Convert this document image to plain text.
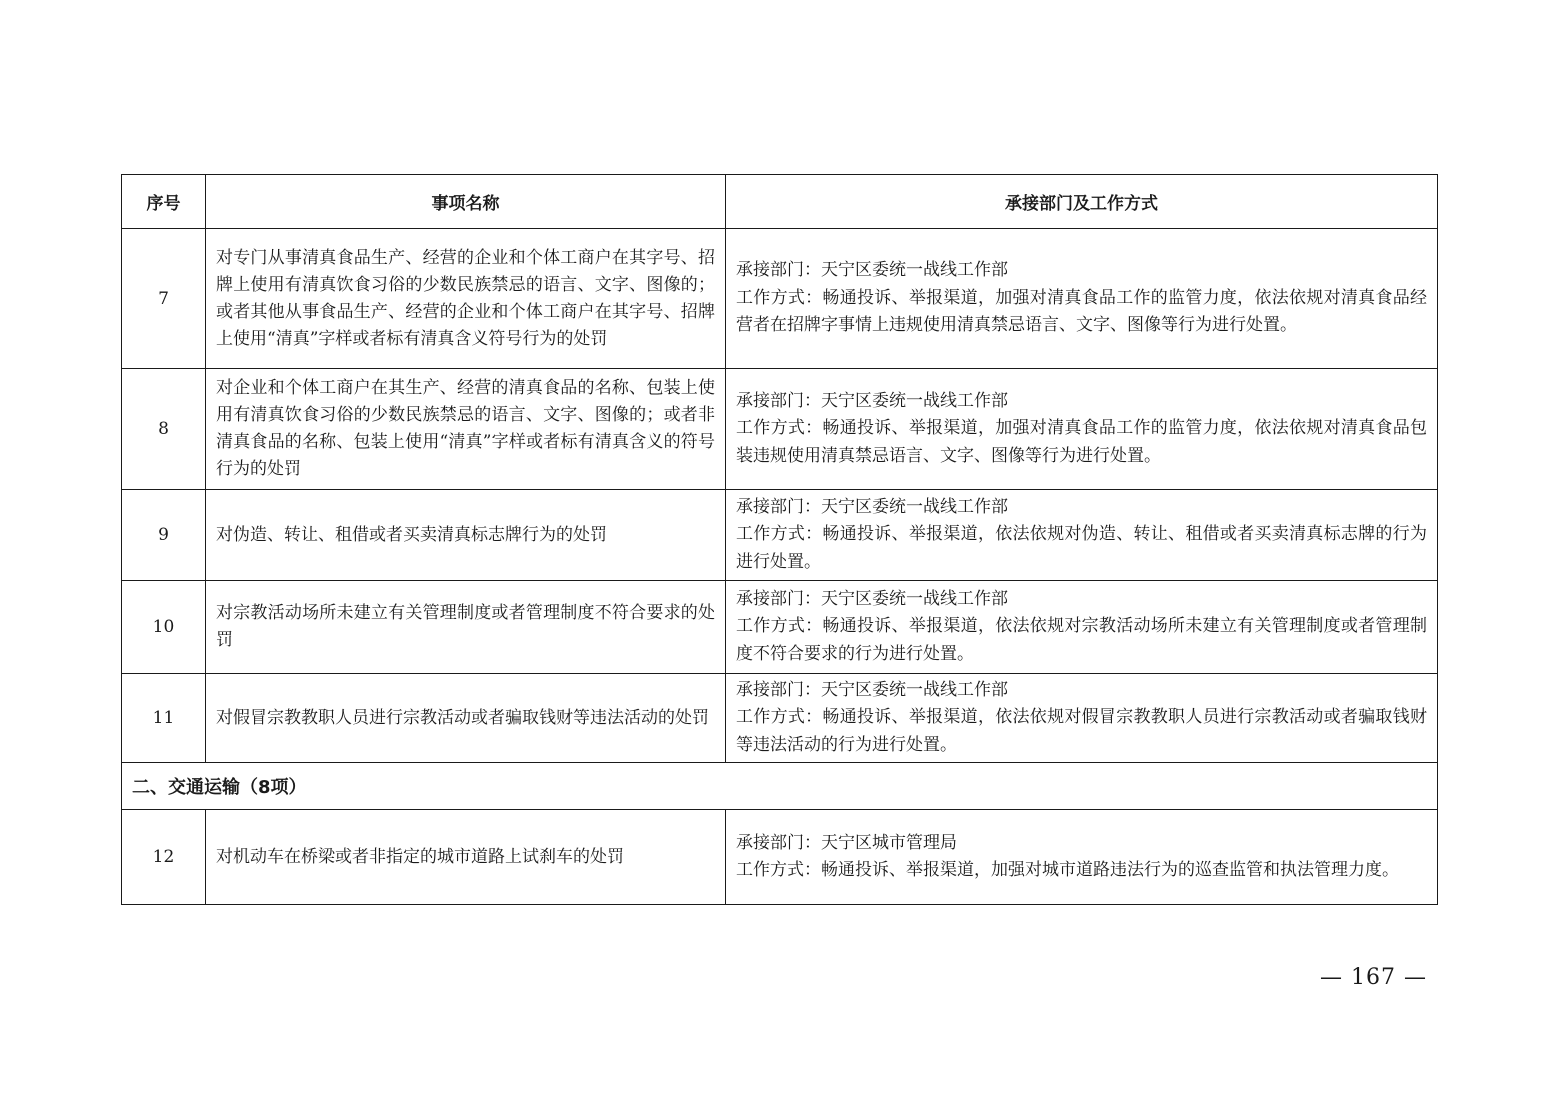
序号	事项名称	承接部门及工作方式
7	对专门从事清真食品生产、经营的企业和个体工商户在其字号、招牌上使用有清真饮食习俗的少数民族禁忌的语言、文字、图像的；或者其他从事食品生产、经营的企业和个体工商户在其字号、招牌上使用“清真”字样或者标有清真含义符号行为的处罚	承接部门：天宁区委统一战线工作部
工作方式：畅通投诉、举报渠道，加强对清真食品工作的监管力度，依法依规对清真食品经营者在招牌字事情上违规使用清真禁忌语言、文字、图像等行为进行处置。

8	对企业和个体工商户在其生产、经营的清真食品的名称、包装上使用有清真饮食习俗的少数民族禁忌的语言、文字、图像的；或者非清真食品的名称、包装上使用“清真”字样或者标有清真含义的符号行为的处罚	承接部门：天宁区委统一战线工作部
工作方式：畅通投诉、举报渠道，加强对清真食品工作的监管力度，依法依规对清真食品包装违规使用清真禁忌语言、文字、图像等行为进行处置。

9	对伪造、转让、租借或者买卖清真标志牌行为的处罚	承接部门：天宁区委统一战线工作部
工作方式：畅通投诉、举报渠道，依法依规对伪造、转让、租借或者买卖清真标志牌的行为进行处置。

10	对宗教活动场所未建立有关管理制度或者管理制度不符合要求的处罚	承接部门：天宁区委统一战线工作部
工作方式：畅通投诉、举报渠道，依法依规对宗教活动场所未建立有关管理制度或者管理制度不符合要求的行为进行处置。

11	对假冒宗教教职人员进行宗教活动或者骗取钱财等违法活动的处罚	承接部门：天宁区委统一战线工作部
工作方式：畅通投诉、举报渠道，依法依规对假冒宗教教职人员进行宗教活动或者骗取钱财等违法活动的行为进行处置。

二、交通运输（8项）		
12	对机动车在桥梁或者非指定的城市道路上试刹车的处罚	承接部门：天宁区城市管理局
工作方式：畅通投诉、举报渠道，加强对城市道路违法行为的巡查监管和执法管理力度。
— 167 —
